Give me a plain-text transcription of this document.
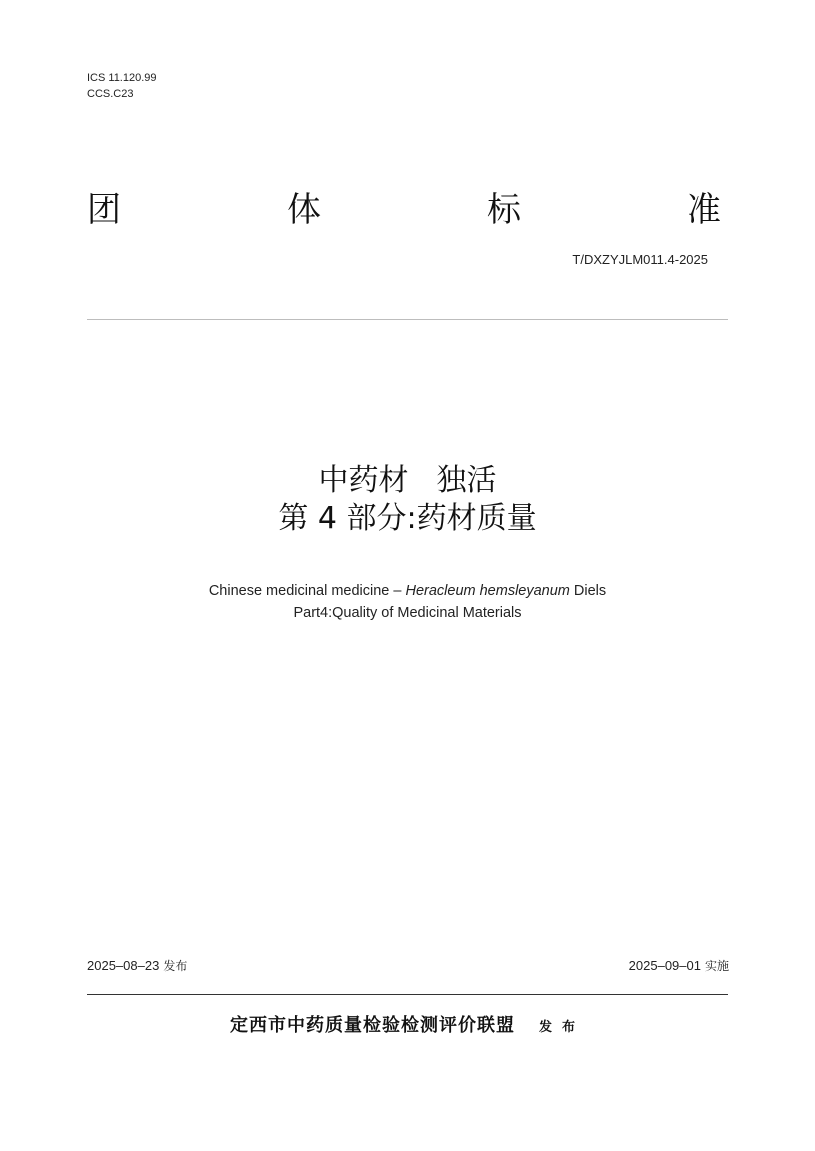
ICS 11.120.99
CCS.C23
团	体	标	准
T/DXZYJLM011.4-2025
中药材 独活
第 4 部分:药材质量
Chinese medicinal medicine – Heracleum hemsleyanum Diels
Part4:Quality of Medicinal Materials
2025–08–23 发布	2025–09–01 实施
定西市中药质量检验检测评价联盟 发布
